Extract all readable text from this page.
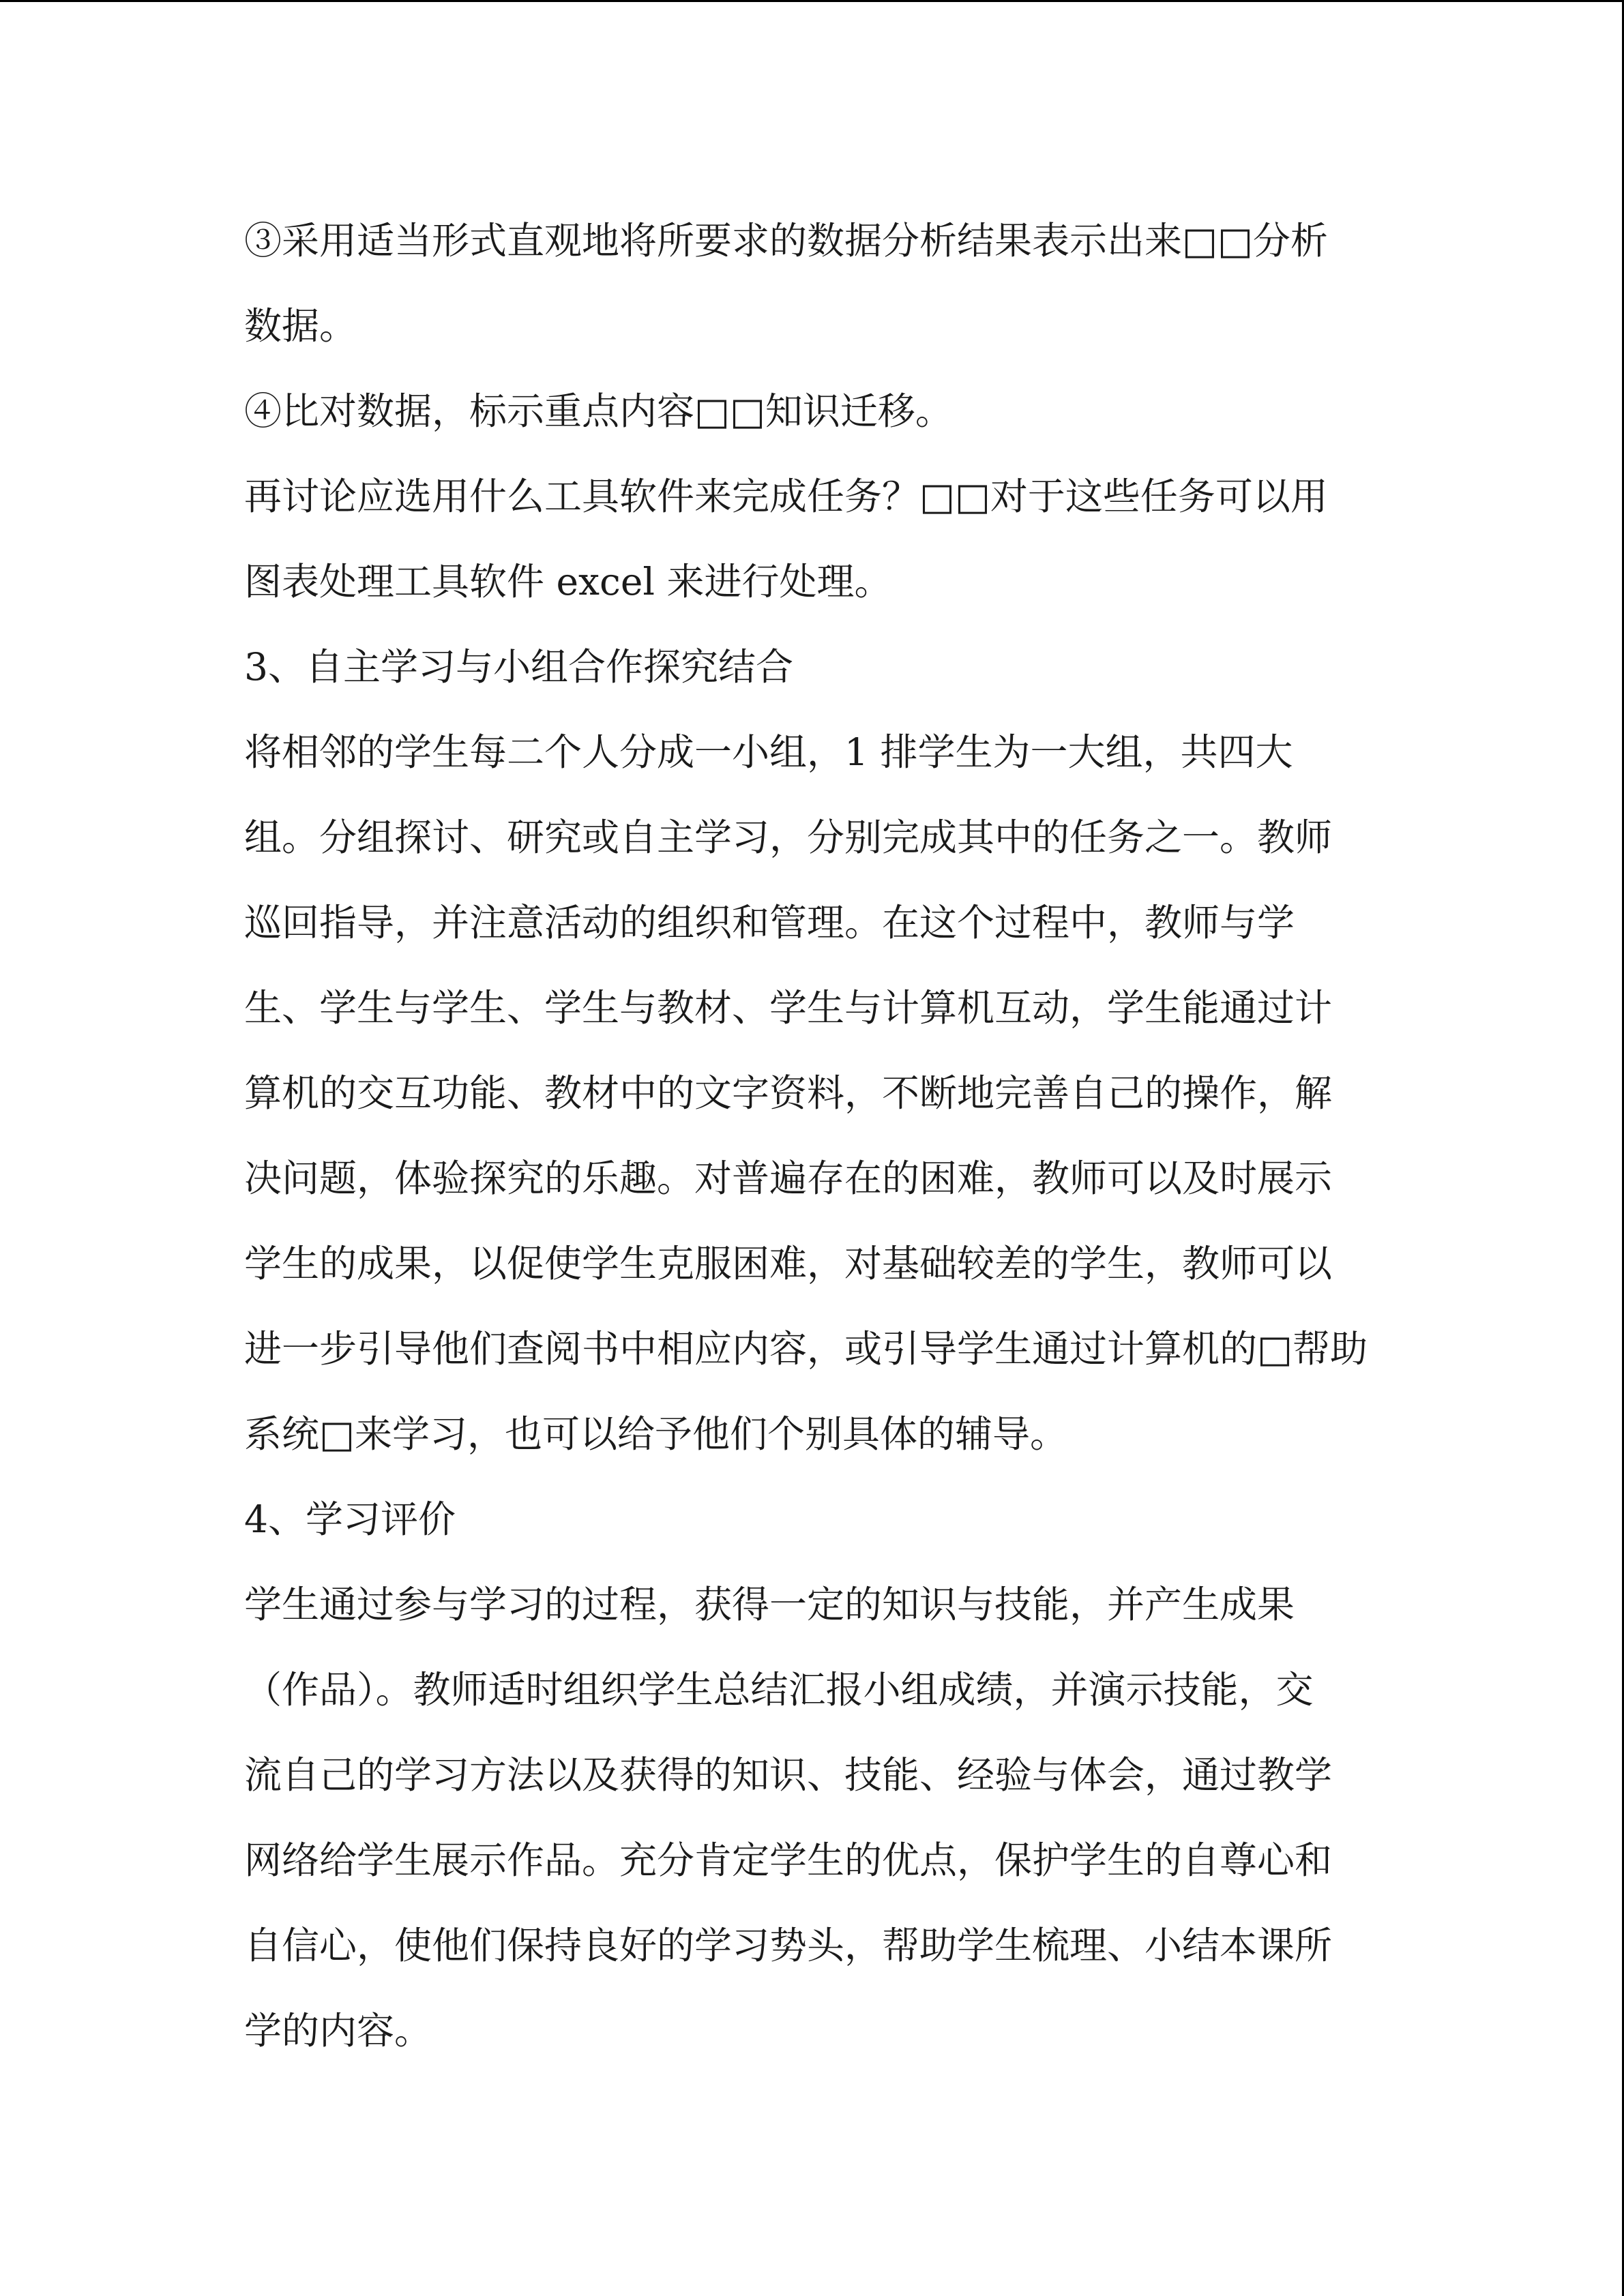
③采用适当形式直观地将所要求的数据分析结果表示出来□□分析

数据。

④比对数据，标示重点内容□□知识迁移。

再讨论应选用什么工具软件来完成任务？□□对于这些任务可以用

图表处理工具软件 excel 来进行处理。

3、自主学习与小组合作探究结合

将相邻的学生每二个人分成一小组，1 排学生为一大组，共四大

组。分组探讨、研究或自主学习，分别完成其中的任务之一。教师

巡回指导，并注意活动的组织和管理。在这个过程中，教师与学

生、学生与学生、学生与教材、学生与计算机互动，学生能通过计

算机的交互功能、教材中的文字资料，不断地完善自己的操作，解

决问题，体验探究的乐趣。对普遍存在的困难，教师可以及时展示

学生的成果，以促使学生克服困难，对基础较差的学生，教师可以

进一步引导他们查阅书中相应内容，或引导学生通过计算机的□帮助

系统□来学习，也可以给予他们个别具体的辅导。

4、学习评价

学生通过参与学习的过程，获得一定的知识与技能，并产生成果

（作品）。教师适时组织学生总结汇报小组成绩，并演示技能，交

流自己的学习方法以及获得的知识、技能、经验与体会，通过教学

网络给学生展示作品。充分肯定学生的优点，保护学生的自尊心和

自信心，使他们保持良好的学习势头，帮助学生梳理、小结本课所

学的内容。
